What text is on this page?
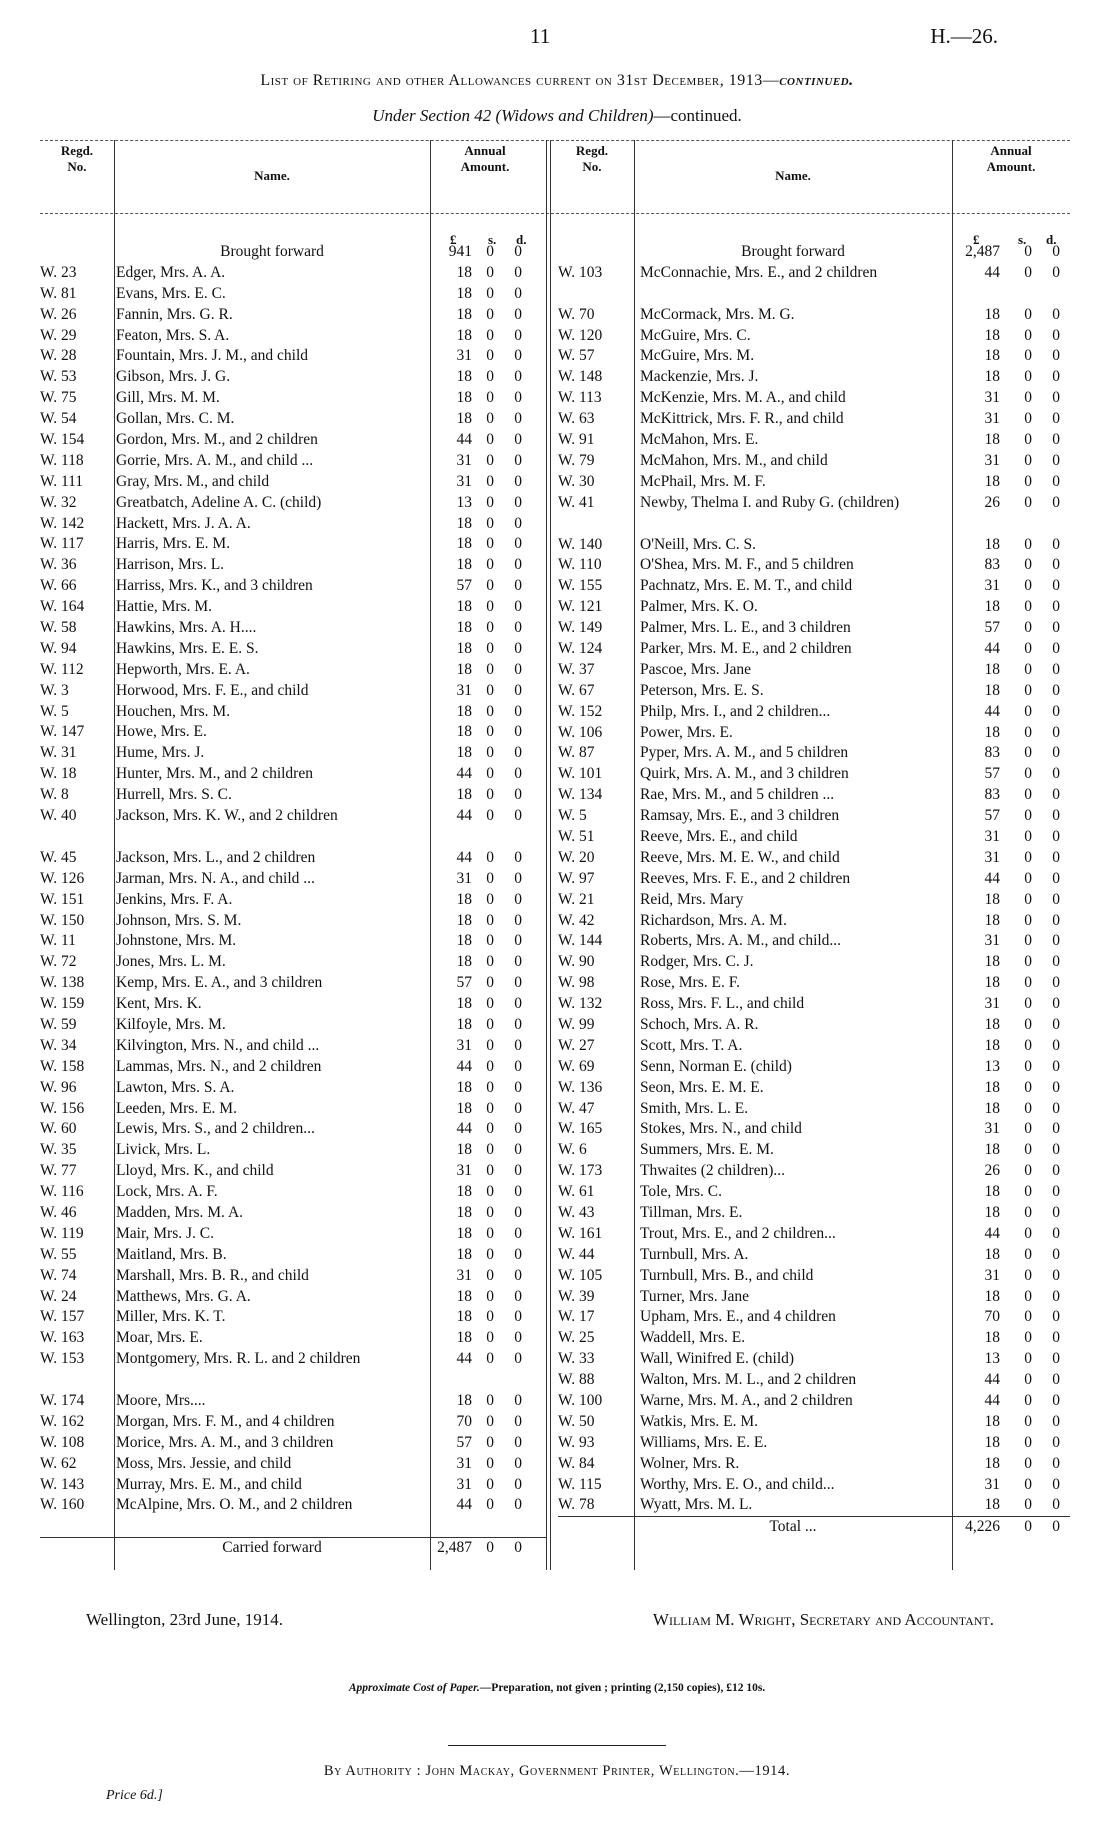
11	H.—26.
List of Retiring and other Allowances current on 31st December, 1913—continued.
Under Section 42 (Widows and Children)—continued.
Regd.
No.
Name.
Annual
Amount.
Regd.
No.
Name.
Annual
Amount.
£ s. d.	£	s. d.
Brought forward	941 0 0
W. 23	Edger, Mrs. A. A.	18 0 0
W. 81	Evans, Mrs. E. C.	18 0 0
W. 26	Fannin, Mrs. G. R.	18 0 0
W. 29	Featon, Mrs. S. A.	18 0 0
W. 28	Fountain, Mrs. J. M., and child	31 0 0
W. 53	Gibson, Mrs. J. G.	18 0 0
W. 75	Gill, Mrs. M. M.	18 0 0
W. 54	Gollan, Mrs. C. M.	18 0 0
W. 154	Gordon, Mrs. M., and 2 children	44 0 0
W. 118	Gorrie, Mrs. A. M., and child ...	31 0 0
W. 111	Gray, Mrs. M., and child	31 0 0
W. 32	Greatbatch, Adeline A. C. (child)	13 0 0
W. 142	Hackett, Mrs. J. A. A.	18 0 0
W. 117	Harris, Mrs. E. M.	18 0 0
W. 36	Harrison, Mrs. L.	18 0 0
W. 66	Harriss, Mrs. K., and 3 children	57 0 0
W. 164	Hattie, Mrs. M.	18 0 0
W. 58	Hawkins, Mrs. A. H....	18 0 0
W. 94	Hawkins, Mrs. E. E. S.	18 0 0
W. 112	Hepworth, Mrs. E. A.	18 0 0
W. 3	Horwood, Mrs. F. E., and child	31 0 0
W. 5	Houchen, Mrs. M.	18 0 0
W. 147	Howe, Mrs. E.	18 0 0
W. 31	Hume, Mrs. J.	18 0 0
W. 18	Hunter, Mrs. M., and 2 children	44 0 0
W. 8	Hurrell, Mrs. S. C.	18 0 0
W. 40	Jackson, Mrs. K. W., and 2 children	44 0 0
W. 45	Jackson, Mrs. L., and 2 children	44 0 0
W. 126	Jarman, Mrs. N. A., and child ...	31 0 0
W. 151	Jenkins, Mrs. F. A.	18 0 0
W. 150	Johnson, Mrs. S. M.	18 0 0
W. 11	Johnstone, Mrs. M.	18 0 0
W. 72	Jones, Mrs. L. M.	18 0 0
W. 138	Kemp, Mrs. E. A., and 3 children	57 0 0
W. 159	Kent, Mrs. K.	18 0 0
W. 59	Kilfoyle, Mrs. M.	18 0 0
W. 34	Kilvington, Mrs. N., and child ...	31 0 0
W. 158	Lammas, Mrs. N., and 2 children	44 0 0
W. 96	Lawton, Mrs. S. A.	18 0 0
W. 156	Leeden, Mrs. E. M.	18 0 0
W. 60	Lewis, Mrs. S., and 2 children...	44 0 0
W. 35	Livick, Mrs. L.	18 0 0
W. 77	Lloyd, Mrs. K., and child	31 0 0
W. 116	Lock, Mrs. A. F.	18 0 0
W. 46	Madden, Mrs. M. A.	18 0 0
W. 119	Mair, Mrs. J. C.	18 0 0
W. 55	Maitland, Mrs. B.	18 0 0
W. 74	Marshall, Mrs. B. R., and child	31 0 0
W. 24	Matthews, Mrs. G. A.	18 0 0
W. 157	Miller, Mrs. K. T.	18 0 0
W. 163	Moar, Mrs. E.	18 0 0
W. 153	Montgomery, Mrs. R. L. and 2 children	44 0 0
W. 174	Moore, Mrs....	18 0 0
W. 162	Morgan, Mrs. F. M., and 4 children	70 0 0
W. 108	Morice, Mrs. A. M., and 3 children	57 0 0
W. 62	Moss, Mrs. Jessie, and child	31 0 0
W. 143	Murray, Mrs. E. M., and child	31 0 0
W. 160	McAlpine, Mrs. O. M., and 2 children	44 0 0
Carried forward	2,487 0 0
Brought forward	2,487 0 0
W. 103	McConnachie, Mrs. E., and 2 children	44 0 0
W. 70	McCormack, Mrs. M. G.	18 0 0
W. 120	McGuire, Mrs. C.	18 0 0
W. 57	McGuire, Mrs. M.	18 0 0
W. 148	Mackenzie, Mrs. J.	18 0 0
W. 113	McKenzie, Mrs. M. A., and child	31 0 0
W. 63	McKittrick, Mrs. F. R., and child	31 0 0
W. 91	McMahon, Mrs. E.	18 0 0
W. 79	McMahon, Mrs. M., and child	31 0 0
W. 30	McPhail, Mrs. M. F.	18 0 0
W. 41	Newby, Thelma I. and Ruby G. (children)	26 0 0
W. 140	O'Neill, Mrs. C. S.	18 0 0
W. 110	O'Shea, Mrs. M. F., and 5 children	83 0 0
W. 155	Pachnatz, Mrs. E. M. T., and child	31 0 0
W. 121	Palmer, Mrs. K. O.	18 0 0
W. 149	Palmer, Mrs. L. E., and 3 children	57 0 0
W. 124	Parker, Mrs. M. E., and 2 children	44 0 0
W. 37	Pascoe, Mrs. Jane	18 0 0
W. 67	Peterson, Mrs. E. S.	18 0 0
W. 152	Philp, Mrs. I., and 2 children...	44 0 0
W. 106	Power, Mrs. E.	18 0 0
W. 87	Pyper, Mrs. A. M., and 5 children	83 0 0
W. 101	Quirk, Mrs. A. M., and 3 children	57 0 0
W. 134	Rae, Mrs. M., and 5 children ...	83 0 0
W. 5	Ramsay, Mrs. E., and 3 children	57 0 0
W. 51	Reeve, Mrs. E., and child	31 0 0
W. 20	Reeve, Mrs. M. E. W., and child	31 0 0
W. 97	Reeves, Mrs. F. E., and 2 children	44 0 0
W. 21	Reid, Mrs. Mary	18 0 0
W. 42	Richardson, Mrs. A. M.	18 0 0
W. 144	Roberts, Mrs. A. M., and child...	31 0 0
W. 90	Rodger, Mrs. C. J.	18 0 0
W. 98	Rose, Mrs. E. F.	18 0 0
W. 132	Ross, Mrs. F. L., and child	31 0 0
W. 99	Schoch, Mrs. A. R.	18 0 0
W. 27	Scott, Mrs. T. A.	18 0 0
W. 69	Senn, Norman E. (child)	13 0 0
W. 136	Seon, Mrs. E. M. E.	18 0 0
W. 47	Smith, Mrs. L. E.	18 0 0
W. 165	Stokes, Mrs. N., and child	31 0 0
W. 6	Summers, Mrs. E. M.	18 0 0
W. 173	Thwaites (2 children)...	26 0 0
W. 61	Tole, Mrs. C.	18 0 0
W. 43	Tillman, Mrs. E.	18 0 0
W. 161	Trout, Mrs. E., and 2 children...	44 0 0
W. 44	Turnbull, Mrs. A.	18 0 0
W. 105	Turnbull, Mrs. B., and child	31 0 0
W. 39	Turner, Mrs. Jane	18 0 0
W. 17	Upham, Mrs. E., and 4 children	70 0 0
W. 25	Waddell, Mrs. E.	18 0 0
W. 33	Wall, Winifred E. (child)	13 0 0
W. 88	Walton, Mrs. M. L., and 2 children	44 0 0
W. 100	Warne, Mrs. M. A., and 2 children	44 0 0
W. 50	Watkis, Mrs. E. M.	18 0 0
W. 93	Williams, Mrs. E. E.	18 0 0
W. 84	Wolner, Mrs. R.	18 0 0
W. 115	Worthy, Mrs. E. O., and child...	31 0 0
W. 78	Wyatt, Mrs. M. L.	18 0 0
Total ...	4,226 0 0
Wellington, 23rd June, 1914.	William M. Wright, Secretary and Accountant.
Approximate Cost of Paper.—Preparation, not given ; printing (2,150 copies), £12 10s.
By Authority : John Mackay, Government Printer, Wellington.—1914.
Price 6d.]
